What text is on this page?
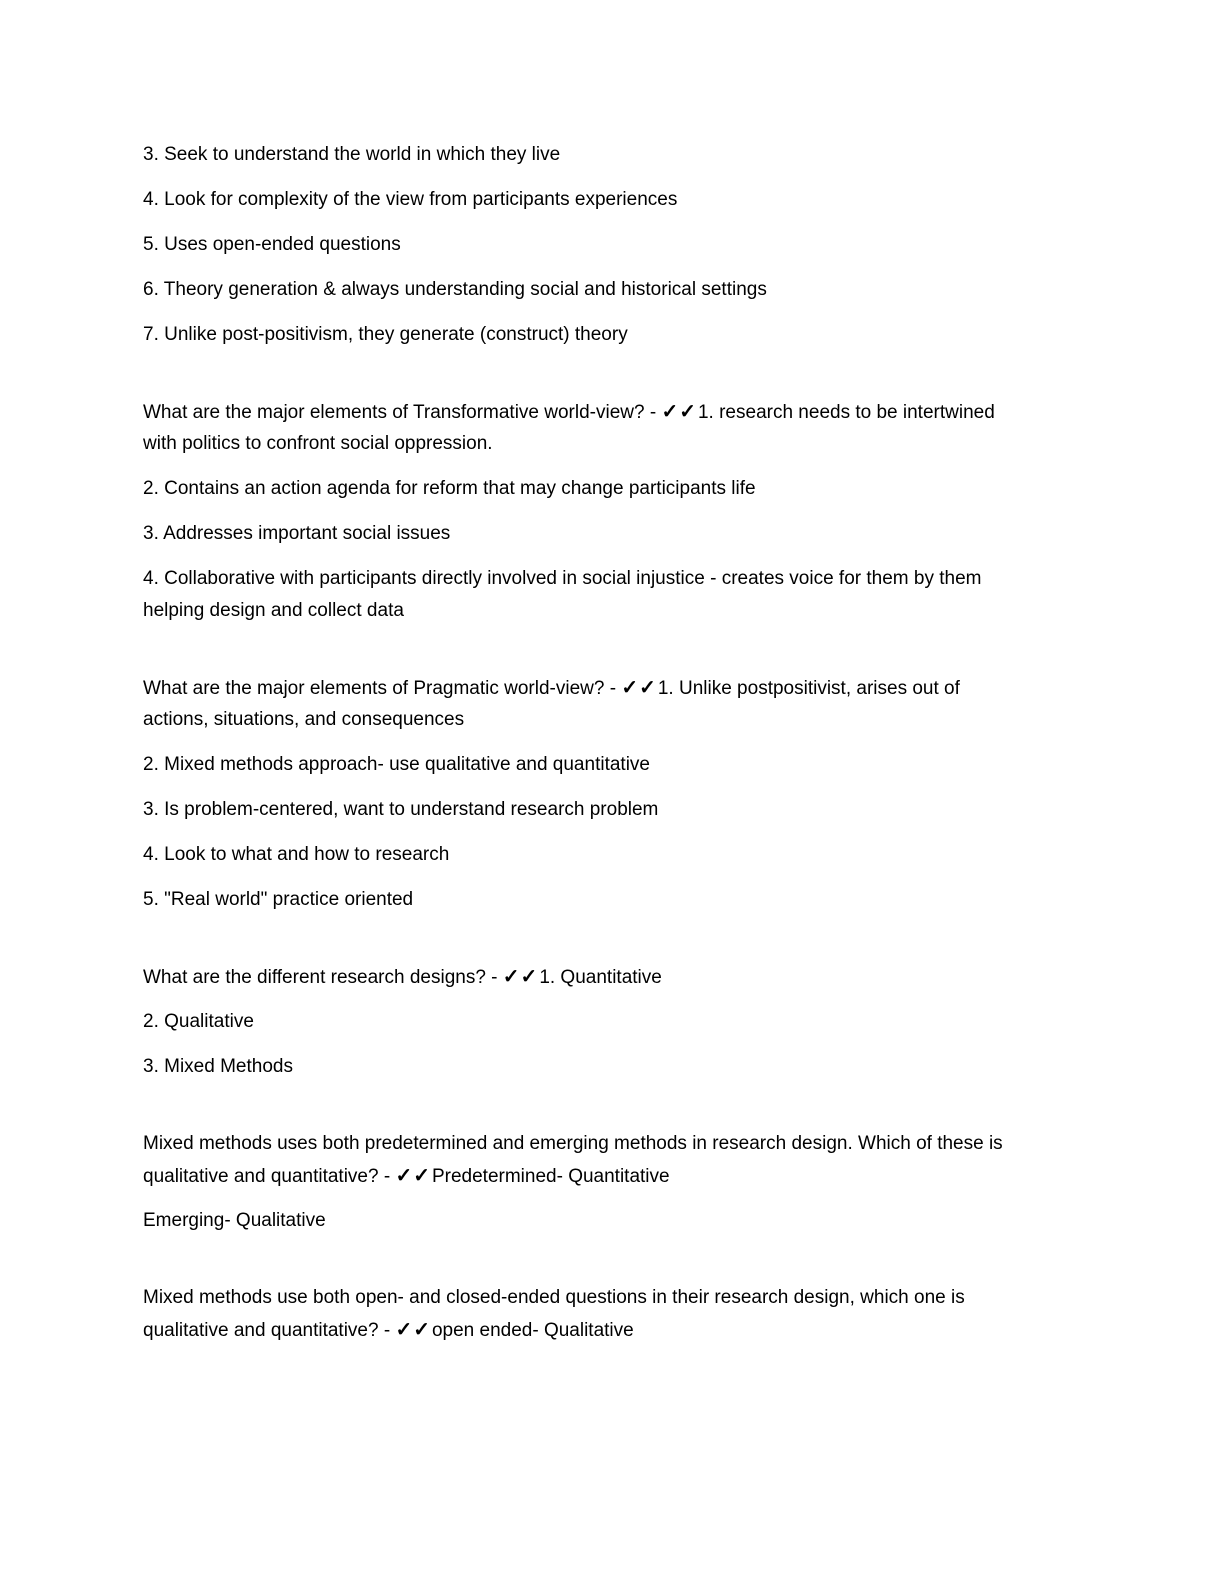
3. Seek to understand the world in which they live

4. Look for complexity of the view from participants experiences

5. Uses open-ended questions

6. Theory generation & always understanding social and historical settings

7. Unlike post-positivism, they generate (construct) theory

What are the major elements of Transformative world-view? - ✓✓1. research needs to be intertwined
with politics to confront social oppression.

2. Contains an action agenda for reform that may change participants life

3. Addresses important social issues

4. Collaborative with participants directly involved in social injustice - creates voice for them by them
helping design and collect data

What are the major elements of Pragmatic world-view? - ✓✓1. Unlike postpositivist, arises out of
actions, situations, and consequences

2. Mixed methods approach- use qualitative and quantitative

3. Is problem-centered, want to understand research problem

4. Look to what and how to research

5. "Real world" practice oriented

What are the different research designs? - ✓✓1. Quantitative

2. Qualitative

3. Mixed Methods

Mixed methods uses both predetermined and emerging methods in research design. Which of these is
qualitative and quantitative? - ✓✓Predetermined- Quantitative

Emerging- Qualitative

Mixed methods use both open- and closed-ended questions in their research design, which one is
qualitative and quantitative? - ✓✓open ended- Qualitative
